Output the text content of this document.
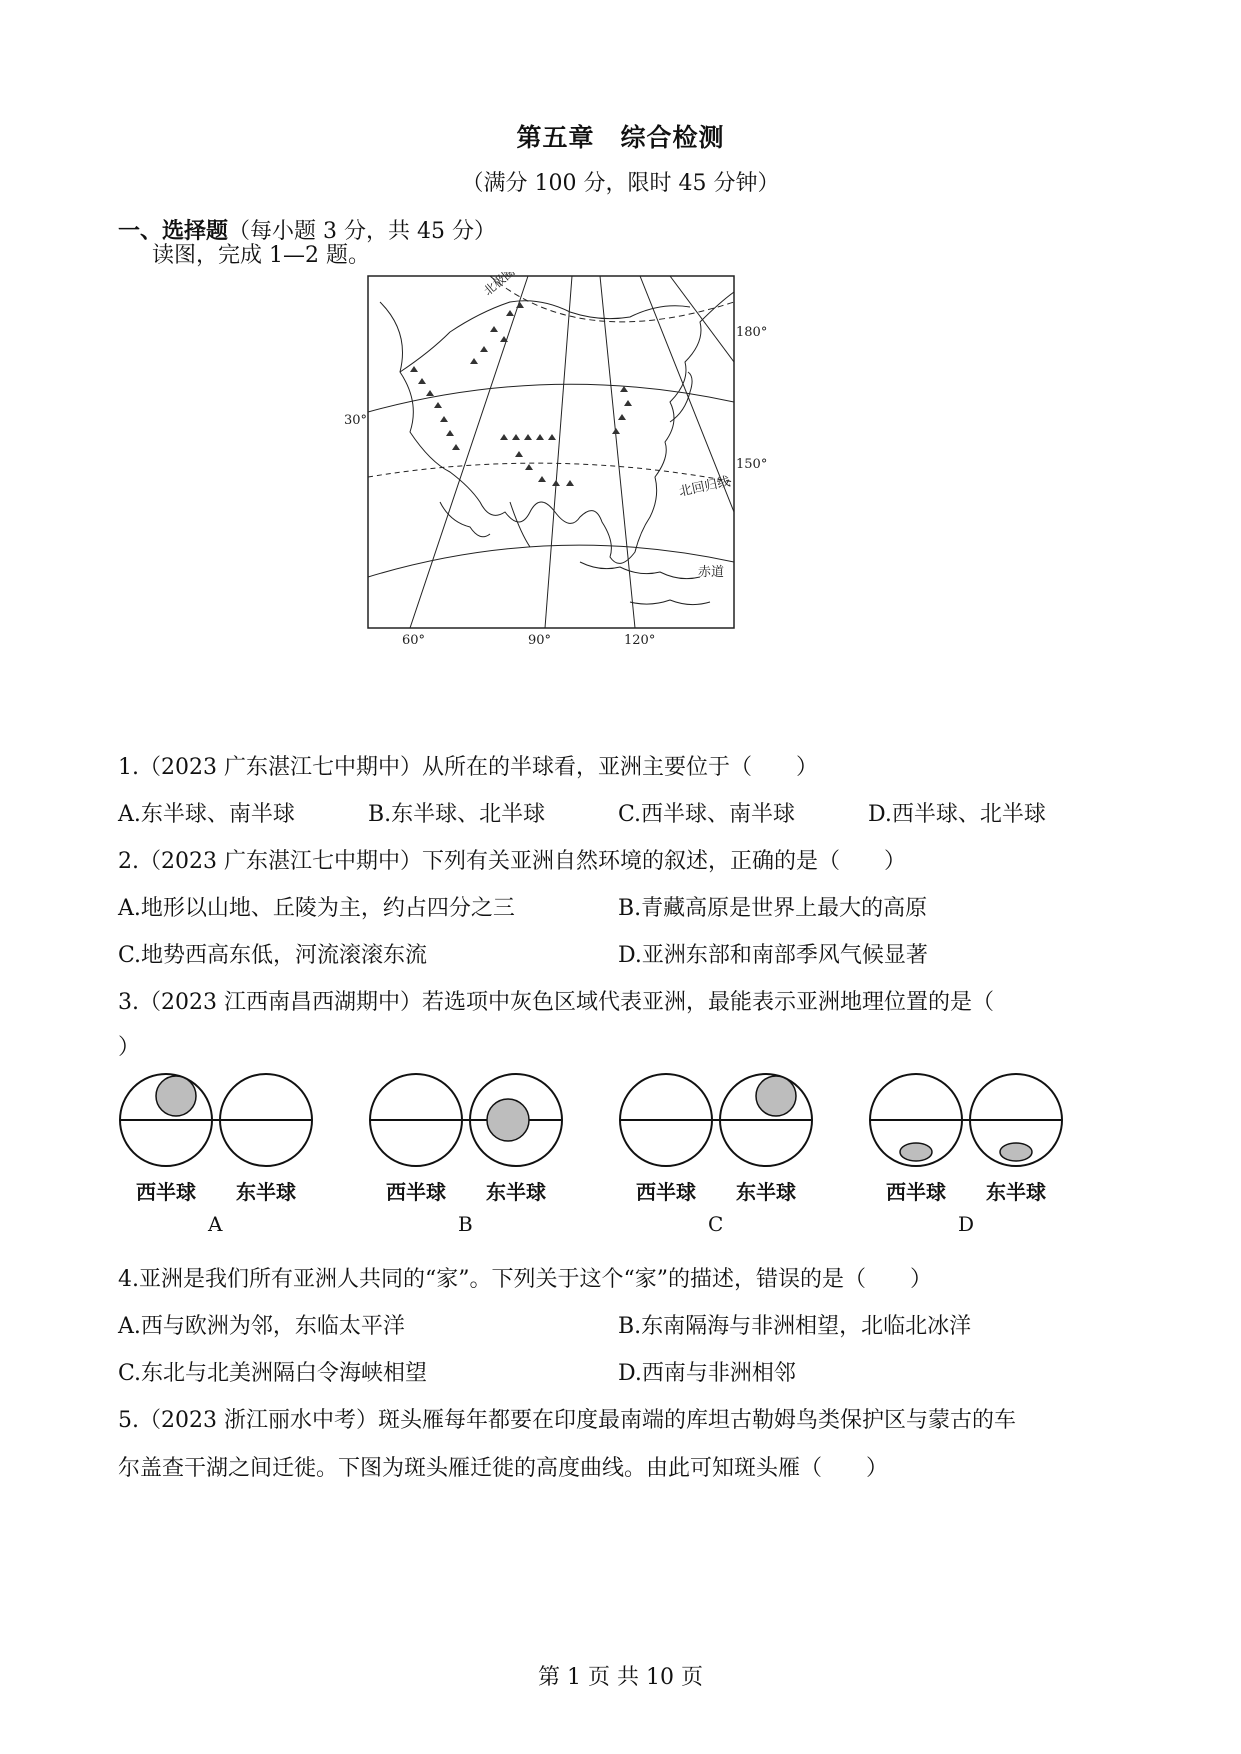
第五章　综合检测
（满分 100 分，限时 45 分钟）
一、选择题（每小题 3 分，共 45 分）
读图，完成 1—2 题。
北极圈
180°
150°
30°
北回归线
赤道
60°	90°	120°
1.（2023 广东湛江七中期中）从所在的半球看，亚洲主要位于（　　）
A.东半球、南半球	B.东半球、北半球	C.西半球、南半球	D.西半球、北半球
2.（2023 广东湛江七中期中）下列有关亚洲自然环境的叙述，正确的是（　　）
A.地形以山地、丘陵为主，约占四分之三	B.青藏高原是世界上最大的高原
C.地势西高东低，河流滚滚东流	D.亚洲东部和南部季风气候显著
3.（2023 江西南昌西湖期中）若选项中灰色区域代表亚洲，最能表示亚洲地理位置的是（
）
西半球 东半球
A
西半球 东半球
B
西半球 东半球
C
西半球 东半球
D
4.亚洲是我们所有亚洲人共同的“家”。下列关于这个“家”的描述，错误的是（　　）
A.西与欧洲为邻，东临太平洋	B.东南隔海与非洲相望，北临北冰洋
C.东北与北美洲隔白令海峡相望	D.西南与非洲相邻
5.（2023 浙江丽水中考）斑头雁每年都要在印度最南端的库坦古勒姆鸟类保护区与蒙古的车
尔盖查干湖之间迁徙。下图为斑头雁迁徙的高度曲线。由此可知斑头雁（　　）
第 1 页 共 10 页
